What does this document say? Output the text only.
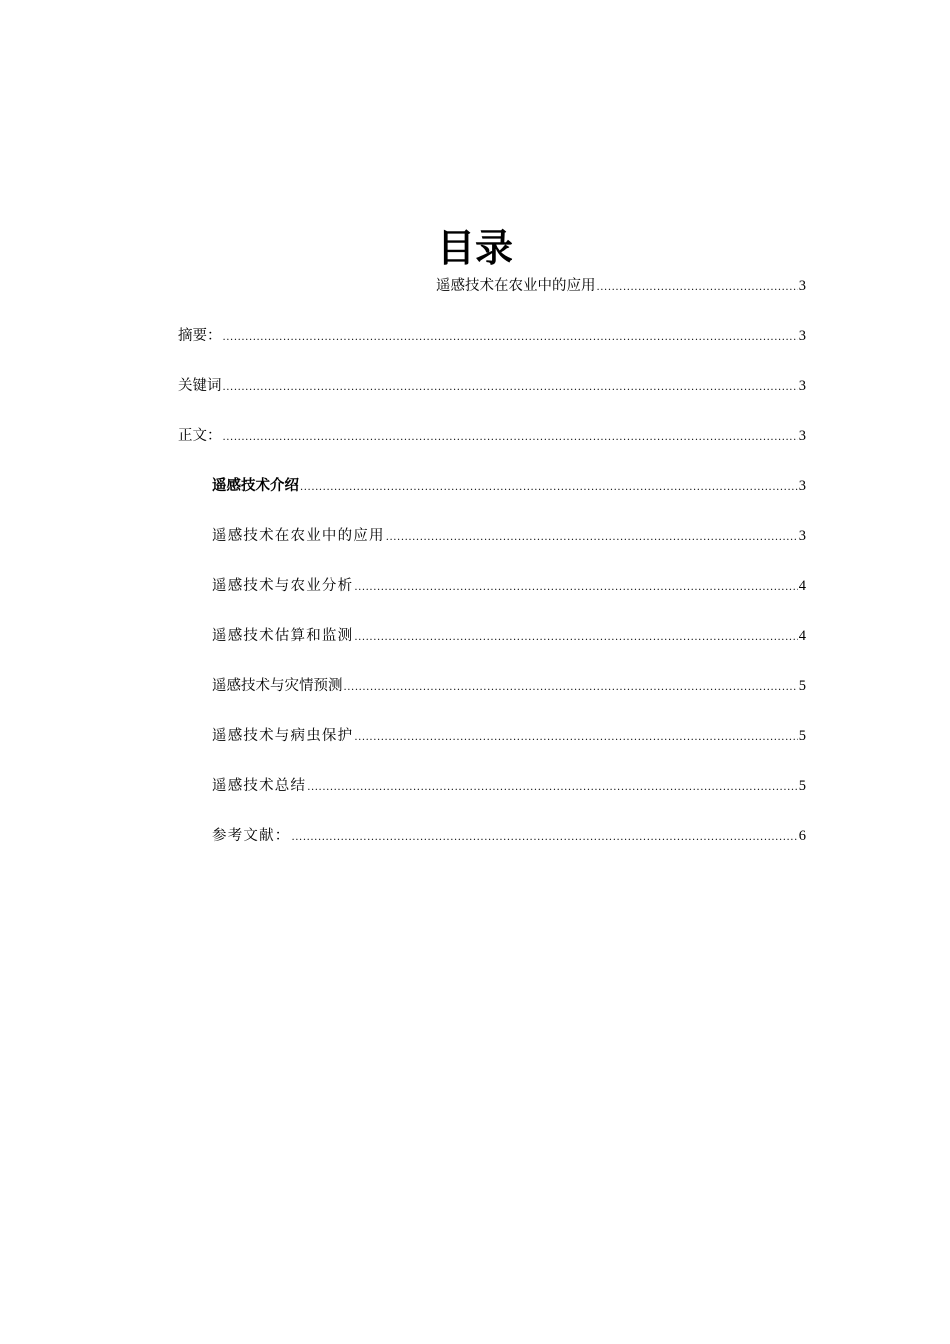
目录
遥感技术在农业中的应用 .....	3
摘要： .....	3
关键词 .....	3
正文： .....	3
遥感技术介绍 .....	3
遥感技术在农业中的应用 .....	3
遥感技术与农业分析 .....	4
遥感技术估算和监测 .....	4
遥感技术与灾情预测 .....	5
遥感技术与病虫保护 .....	5
遥感技术总结 .....	5
参考文献： .....	6
